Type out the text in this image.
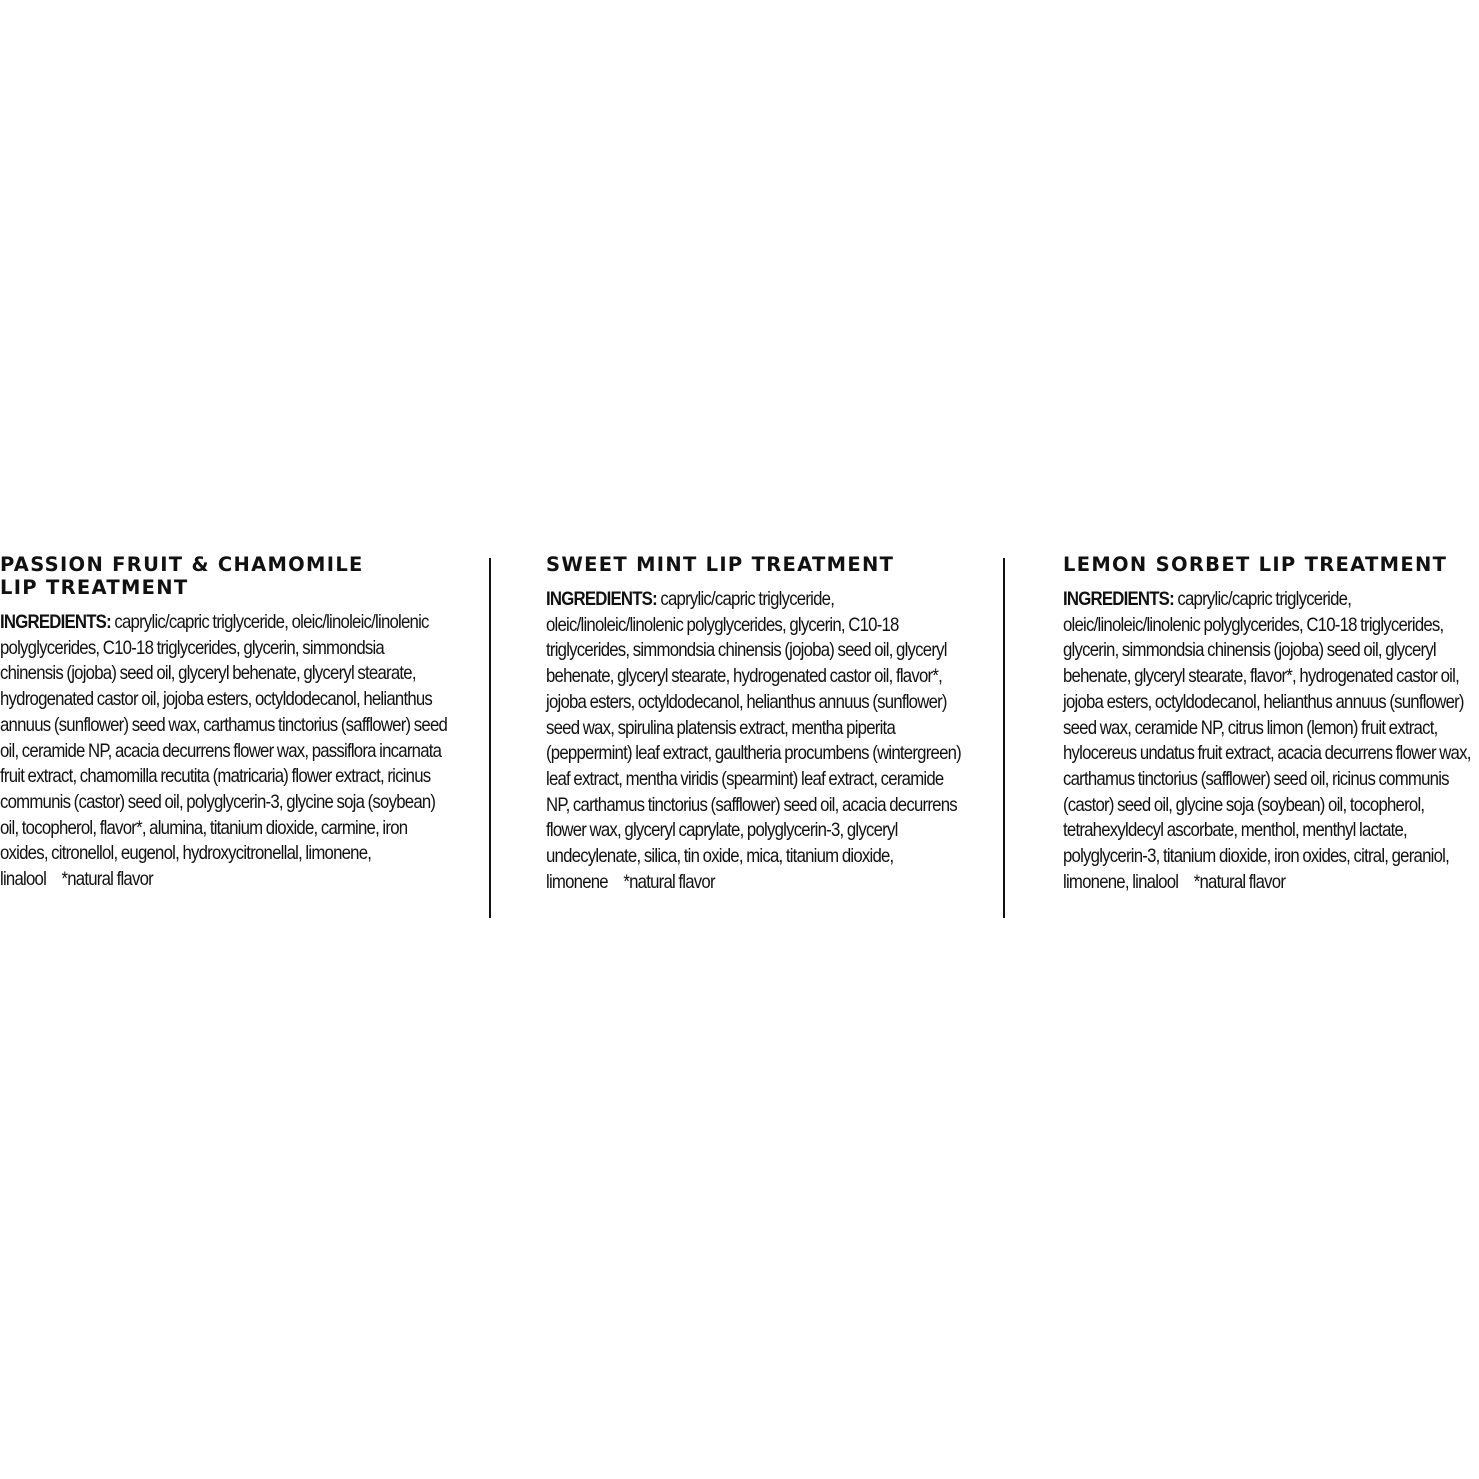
PASSION FRUIT & CHAMOMILE
LIP TREATMENT

INGREDIENTS: caprylic/capric triglyceride, oleic/linoleic/linolenic polyglycerides, C10-18 triglycerides, glycerin, simmondsia chinensis (jojoba) seed oil, glyceryl behenate, glyceryl stearate, hydrogenated castor oil, jojoba esters, octyldodecanol, helianthus annuus (sunflower) seed wax, carthamus tinctorius (safflower) seed oil, ceramide NP, acacia decurrens flower wax, passiflora incarnata fruit extract, chamomilla recutita (matricaria) flower extract, ricinus communis (castor) seed oil, polyglycerin-3, glycine soja (soybean) oil, tocopherol, flavor*, alumina, titanium dioxide, carmine, iron oxides, citronellol, eugenol, hydroxycitronellal, limonene, linalool *natural flavor

SWEET MINT LIP TREATMENT

INGREDIENTS: caprylic/capric triglyceride, oleic/linoleic/linolenic polyglycerides, glycerin, C10-18 triglycerides, simmondsia chinensis (jojoba) seed oil, glyceryl behenate, glyceryl stearate, hydrogenated castor oil, flavor*, jojoba esters, octyldodecanol, helianthus annuus (sunflower) seed wax, spirulina platensis extract, mentha piperita (peppermint) leaf extract, gaultheria procumbens (wintergreen) leaf extract, mentha viridis (spearmint) leaf extract, ceramide NP, carthamus tinctorius (safflower) seed oil, acacia decurrens flower wax, glyceryl caprylate, polyglycerin-3, glyceryl undecylenate, silica, tin oxide, mica, titanium dioxide, limonene *natural flavor

LEMON SORBET LIP TREATMENT

INGREDIENTS: caprylic/capric triglyceride, oleic/linoleic/linolenic polyglycerides, C10-18 triglycerides, glycerin, simmondsia chinensis (jojoba) seed oil, glyceryl behenate, glyceryl stearate, flavor*, hydrogenated castor oil, jojoba esters, octyldodecanol, helianthus annuus (sunflower) seed wax, ceramide NP, citrus limon (lemon) fruit extract, hylocereus undatus fruit extract, acacia decurrens flower wax, carthamus tinctorius (safflower) seed oil, ricinus communis (castor) seed oil, glycine soja (soybean) oil, tocopherol, tetrahexyldecyl ascorbate, menthol, menthyl lactate, polyglycerin-3, titanium dioxide, iron oxides, citral, geraniol, limonene, linalool *natural flavor
